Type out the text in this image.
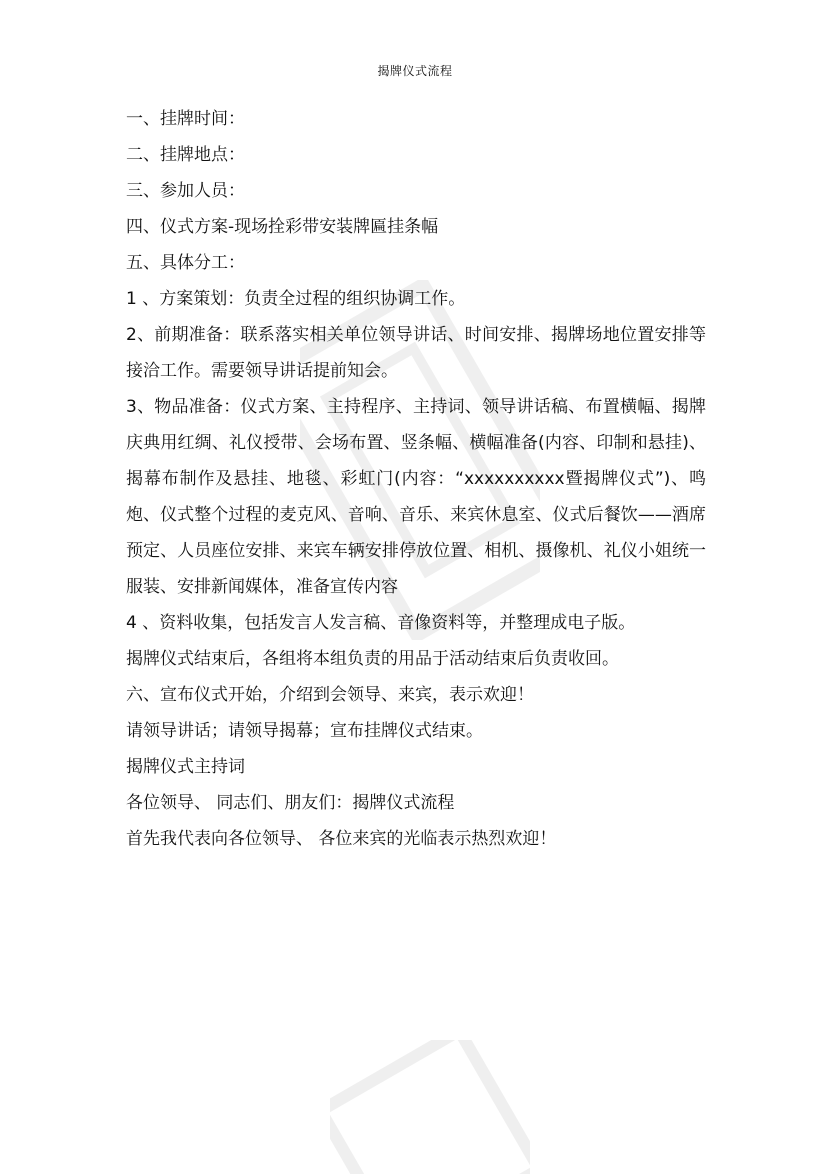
揭牌仪式流程
一、挂牌时间：
二、挂牌地点：
三、参加人员：
四、仪式方案-现场拴彩带安装牌匾挂条幅
五、具体分工：
1 、方案策划：负责全过程的组织协调工作。
2、前期准备：联系落实相关单位领导讲话、时间安排、揭牌场地位置安排等接洽工作。需要领导讲话提前知会。
3、物品准备：仪式方案、主持程序、主持词、领导讲话稿、布置横幅、揭牌庆典用红绸、礼仪授带、会场布置、竖条幅、横幅准备(内容、印制和悬挂)、揭幕布制作及悬挂、地毯、彩虹门(内容：“xxxxxxxxxx暨揭牌仪式”)、鸣炮、仪式整个过程的麦克风、音响、音乐、来宾休息室、仪式后餐饮——酒席预定、人员座位安排、来宾车辆安排停放位置、相机、摄像机、礼仪小姐统一服装、安排新闻媒体，准备宣传内容
4 、资料收集，包括发言人发言稿、音像资料等，并整理成电子版。
揭牌仪式结束后，各组将本组负责的用品于活动结束后负责收回。
六、宣布仪式开始，介绍到会领导、来宾，表示欢迎！
请领导讲话；请领导揭幕；宣布挂牌仪式结束。
揭牌仪式主持词
各位领导、 同志们、朋友们：揭牌仪式流程
首先我代表向各位领导、 各位来宾的光临表示热烈欢迎！
